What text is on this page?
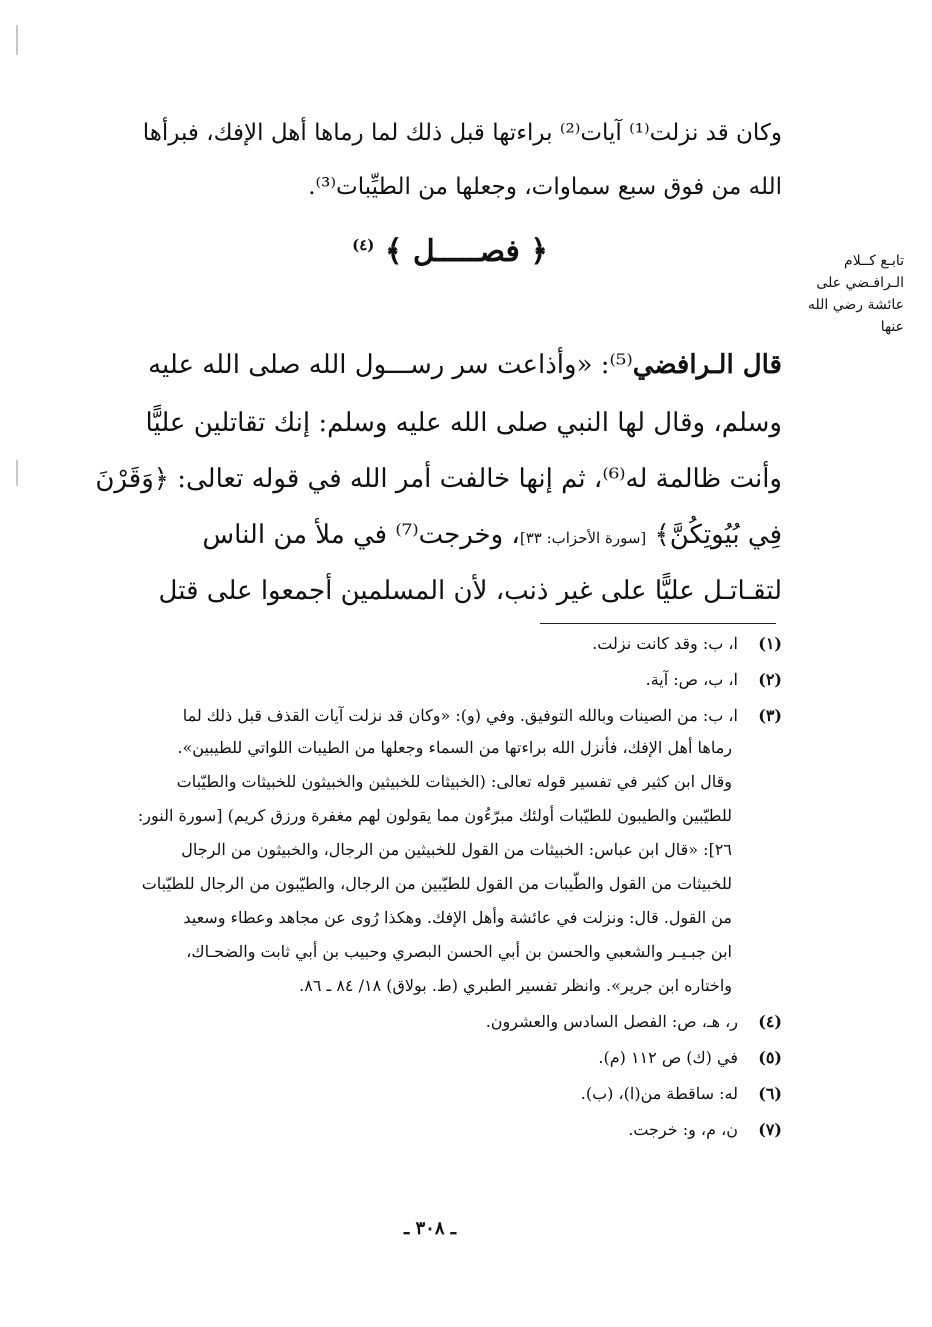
وكان قد نزلت⁽¹⁾ آيات⁽²⁾ براءتها قبل ذلك لما رماها أهل الإفك، فبرأها
الله من فوق سبع سماوات، وجعلها من الطيِّبات⁽³⁾.
﴿ فصـــــل ﴾ $^{(٤)}$
تابـع كــلام
الـرافـضي على
عائشة رضي الله
عنها
قال الـرافضي⁽⁵⁾: «وأذاعت سر رســـول الله صلى الله عليه
وسلم، وقال لها النبي صلى الله عليه وسلم: إنك تقاتلين عليًّا
وأنت ظالمة له⁽⁶⁾، ثم إنها خالفت أمر الله في قوله تعالى: ﴿وَقَرْنَ
فِي بُيُوتِكُنَّ﴾ [سورة الأحزاب: ٣٣]، وخرجت⁽⁷⁾ في ملأ من الناس
لتقـاتـل عليًّا على غير ذنب، لأن المسلمين أجمعوا على قتل
(١)ا، ب: وقد كانت نزلت.
(٢)ا، ب، ص: آية.
(٣)ا، ب: من الصينات وبالله التوفيق. وفي (و): «وكان قد نزلت آيات القذف قبل ذلك لما
رماها أهل الإفك، فأنزل الله براءتها من السماء وجعلها من الطيبات اللواتي للطيبين».
وقال ابن كثير في تفسير قوله تعالى: (الخبيثات للخبيثين والخبيثون للخبيثات والطيّبات
للطيّبين والطيبون للطيّبات أولئك مبرّءُون مما يقولون لهم مغفرة ورزق كريم) [سورة النور:
٢٦]: «قال ابن عباس: الخبيثات من القول للخبيثين من الرجال، والخبيثون من الرجال
للخبيثات من القول والطّيبات من القول للطيّبين من الرجال، والطيّبون من الرجال للطيّبات
من القول. قال: ونزلت في عائشة وأهل الإفك. وهكذا رُوى عن مجاهد وعطاء وسعيد
ابن جبـيـر والشعبي والحسن بن أبي الحسن البصري وحبيب بن أبي ثابت والضحـاك،
واختاره ابن جرير». وانظر تفسير الطبري (ط. بولاق) ١٨/ ٨٤ ـ ٨٦.
(٤)ر، هـ، ص: الفصل السادس والعشرون.
(٥)في (ك) ص ١١٢ (م).
(٦)له: ساقطة من(ا)، (ب).
(٧)ن، م، و: خرجت.
ـ ٣٠٨ ـ
